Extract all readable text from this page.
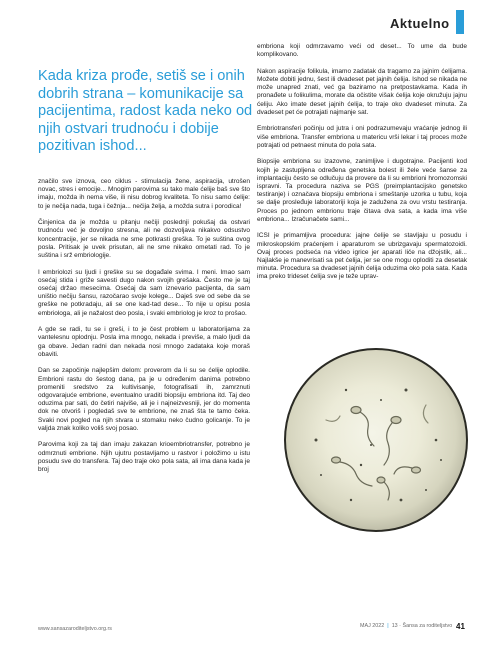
Aktuelno
Kada kriza prođe, setiš se i onih dobrih strana – komunikacije sa pacijentima, radost kada neko od njih ostvari trudnoću i dobije pozitivan ishod...

značilo sve iznova, ceo ciklus - stimulacija žene, aspiracija, utrošen novac, stres i emocije... Mnogim parovima su tako male ćelije baš sve što imaju, možda ih nema više, ili nisu dobrog kvaliteta. To nisu samo ćelije: to je nečija nada, tuga i čežnja... nečija želja, a možda sutra i porodica!

Činjenica da je možda u pitanju nečiji poslednji pokušaj da ostvari trudnoću već je dovoljno stresna, ali ne dozvoljava nikakvo odsustvo koncentracije, jer se nikada ne sme potkrasti greška. To je suština ovog posla. Pritisak je uvek prisutan, ali ne sme nikako ometati rad. To je suština i srž embriologije.

I embriolozi su ljudi i greške su se događale svima. I meni. Imao sam osećaj stida i griže savesti dugo nakon svojih grešaka. Često me je taj osećaj držao mesecima. Osećaj da sam iznevario pacijenta, da sam uništio nečiju šansu, razočarao svoje kolege... Daješ sve od sebe da se greške ne potkradaju, ali se one kad-tad dese... To nije u opisu posla embriologa, ali je nažalost deo posla, i svaki embriolog je kroz to prošao.

A gde se radi, tu se i greši, i to je čest problem u laboratorijama za vantelesnu oplodnju. Posla ima mnogo, nekada i previše, a malo ljudi da ga obave. Jedan radni dan nekada nosi mnogo zadataka koje moraš obaviti.

Dan se započinje najlepšim delom: proverom da li su se ćelije oplodile. Embrioni rastu do šestog dana, pa je u određenim danima potrebno promeniti sredstvo za kultivisanje, fotografisati ih, zamrznuti odgovarajuće embrione, eventualno uraditi biopsiju embriona itd. Taj deo oduzima par sati, do četiri najviše, ali je i najneizvesniji, jer do momenta dok ne otvoriš i pogledaš sve te embrione, ne znaš šta te tamo čeka. Svaki novi pogled na njih stvara u stomaku neko čudno golicanje. To je valjda znak koliko voliš svoj posao.

Parovima koji za taj dan imaju zakazan krioembriotransfer, potrebno je odmrznuti embrione. Njih ujutru postavljamo u rastvor i položimo u istu posudu sve do transfera. Taj deo traje oko pola sata, ali ima dana kada je broj

embriona koji odmrzavamo veći od deset... To ume da bude komplikovano.

Nakon aspiracije folikula, imamo zadatak da tragamo za jajnim ćelijama. Možete dobiti jednu, šest ili dvadeset pet jajnih ćelija. Ishod se nikada ne može unapred znati, već ga baziramo na pretpostavkama. Kada ih pronađete u folikulima, morate da očistite višak ćelija koje okružuju jajnu ćeliju. Ako imate deset jajnih ćelija, to traje oko dvadeset minuta. Za dvadeset pet će potrajati najmanje sat.

Embriotransferi počinju od jutra i oni podrazumevaju vraćanje jednog ili više embriona. Transfer embriona u matericu vrši lekar i taj proces može potrajati od petnaest minuta do pola sata.

Biopsije embriona su izazovne, zanimljive i dugotrajne. Pacijenti kod kojih je zastupljena određena genetska bolest ili žele veće šanse za implantaciju često se odlučuju da provere da li su embrioni hromozomski ispravni. Ta procedura naziva se PGS (preimplantacijsko genetsko testiranje) i označava biopsiju embriona i smeštanje uzorka u tubu, koja se dalje prosleđuje laboratoriji koja je zadužena za ovu vrstu testiranja. Proces po jednom embrionu traje čitava dva sata, a kada ima više embriona... Izračunačete sami...

ICSI je primamljiva procedura: jajne ćelije se stavljaju u posudu i mikroskopskim praćenjem i aparaturom se ubrizgavaju spermatozoidi. Ovaj proces podseća na video igrice jer aparati liče na džojstik, ali... Najlakše je manevrisati sa pet ćelija, jer se one mogu oploditi za desetak minuta. Procedura sa dvadeset jajnih ćelija oduzima oko pola sata. Kada ima preko trideset ćelija sve je teže uprav-

www.sansazaroditeljstvo.org.rs	MAJ 2022 | 13 · Šansa za roditeljstvo 41
